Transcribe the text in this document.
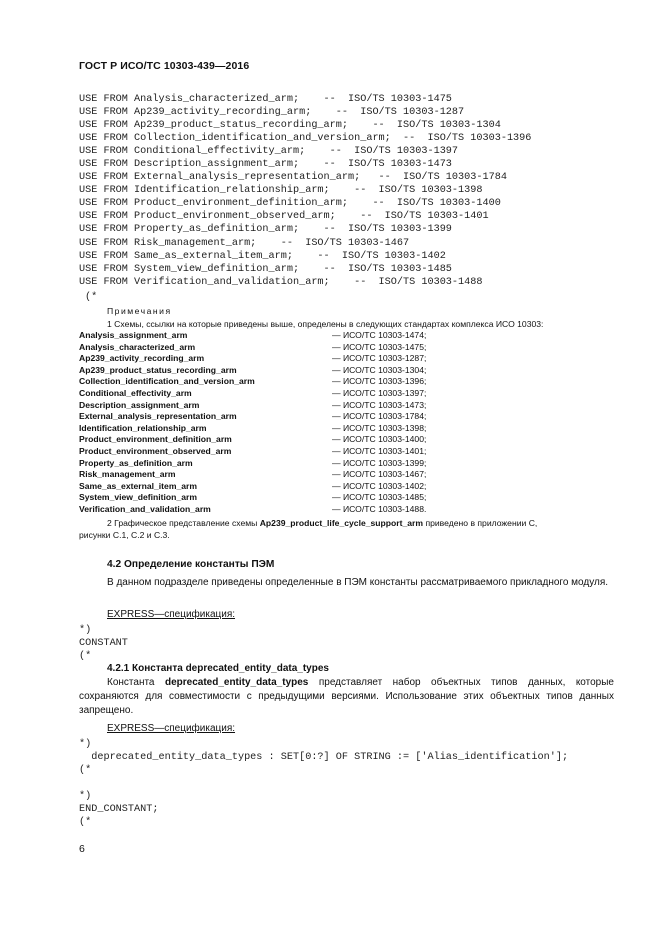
ГОСТ Р ИСО/ТС 10303-439—2016
USE FROM Analysis_characterized_arm;    --  ISO/TS 10303-1475
USE FROM Ap239_activity_recording_arm;    --  ISO/TS 10303-1287
USE FROM Ap239_product_status_recording_arm;    --  ISO/TS 10303-1304
USE FROM Collection_identification_and_version_arm;  --  ISO/TS 10303-1396
USE FROM Conditional_effectivity_arm;    --  ISO/TS 10303-1397
USE FROM Description_assignment_arm;    --  ISO/TS 10303-1473
USE FROM External_analysis_representation_arm;   --  ISO/TS 10303-1784
USE FROM Identification_relationship_arm;    --  ISO/TS 10303-1398
USE FROM Product_environment_definition_arm;    --  ISO/TS 10303-1400
USE FROM Product_environment_observed_arm;    --  ISO/TS 10303-1401
USE FROM Property_as_definition_arm;    --  ISO/TS 10303-1399
USE FROM Risk_management_arm;    --  ISO/TS 10303-1467
USE FROM Same_as_external_item_arm;    --  ISO/TS 10303-1402
USE FROM System_view_definition_arm;    --  ISO/TS 10303-1485
USE FROM Verification_and_validation_arm;    --  ISO/TS 10303-1488
(*
Примечания
1 Схемы, ссылки на которые приведены выше, определены в следующих стандартах комплекса ИСО 10303:
Analysis_assignment_arm	— ИСО/ТС 10303-1474;
Analysis_characterized_arm	— ИСО/ТС 10303-1475;
Ap239_activity_recording_arm	— ИСО/ТС 10303-1287;
Ap239_product_status_recording_arm	— ИСО/ТС 10303-1304;
Collection_identification_and_version_arm	— ИСО/ТС 10303-1396;
Conditional_effectivity_arm	— ИСО/ТС 10303-1397;
Description_assignment_arm	— ИСО/ТС 10303-1473;
External_analysis_representation_arm	— ИСО/ТС 10303-1784;
Identification_relationship_arm	— ИСО/ТС 10303-1398;
Product_environment_definition_arm	— ИСО/ТС 10303-1400;
Product_environment_observed_arm	— ИСО/ТС 10303-1401;
Property_as_definition_arm	— ИСО/ТС 10303-1399;
Risk_management_arm	— ИСО/ТС 10303-1467;
Same_as_external_item_arm	— ИСО/ТС 10303-1402;
System_view_definition_arm	— ИСО/ТС 10303-1485;
Verification_and_validation_arm	— ИСО/ТС 10303-1488.
2 Графическое представление схемы Ap239_product_life_cycle_support_arm приведено в приложении С,
рисунки С.1, С.2 и С.3.
4.2 Определение константы ПЭМ
В данном подразделе приведены определенные в ПЭМ константы рассматриваемого прикладного модуля.
EXPRESS—спецификация:
*)
CONSTANT
(*
4.2.1 Константа deprecated_entity_data_types
Константа deprecated_entity_data_types представляет набор объектных типов данных, которые сохраняются для совместимости с предыдущими версиями. Использование этих объектных типов данных запрещено.
EXPRESS—спецификация:
*)
deprecated_entity_data_types : SET[0:?] OF STRING := ['Alias_identification'];
(*
*)
END_CONSTANT;
(*
6
